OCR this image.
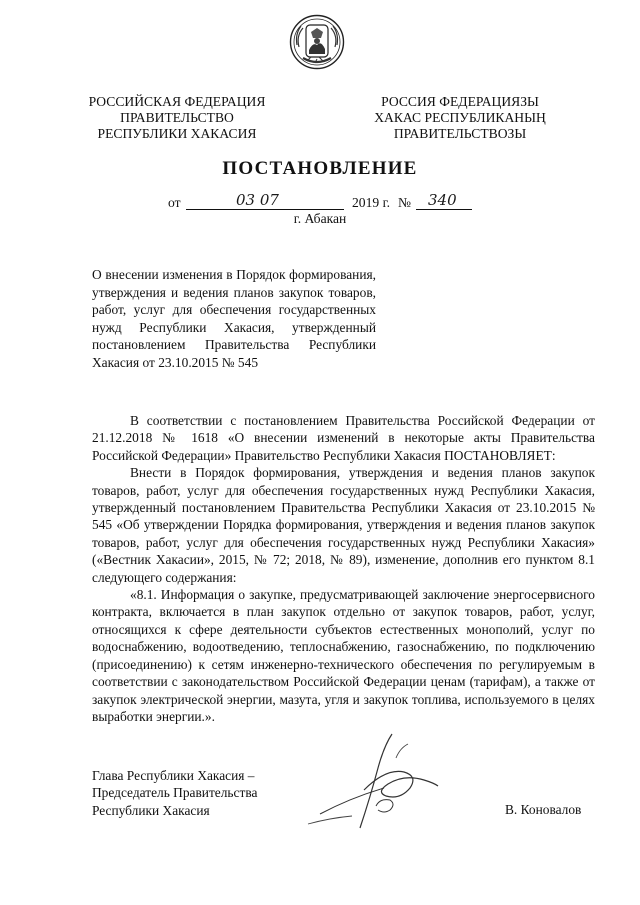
РОССИЙСКАЯ ФЕДЕРАЦИЯ
ПРАВИТЕЛЬСТВО
РЕСПУБЛИКИ ХАКАСИЯ
РОССИЯ ФЕДЕРАЦИЯЗЫ
ХАКАС РЕСПУБЛИКАНЫҢ
ПРАВИТЕЛЬСТВОЗЫ
ПОСТАНОВЛЕНИЕ
от	03 07	2019 г. № 340
г. Абакан
О внесении изменения в Порядок формирования, утверждения и ведения планов закупок товаров, работ, услуг для обеспечения государственных нужд Республики Хакасия, утвержденный постановлением Правительства Республики Хакасия от 23.10.2015 № 545

В соответствии с постановлением Правительства Российской Федерации от 21.12.2018 № 1618 «О внесении изменений в некоторые акты Правительства Российской Федерации» Правительство Республики Хакасия ПОСТАНОВЛЯЕТ:

Внести в Порядок формирования, утверждения и ведения планов закупок товаров, работ, услуг для обеспечения государственных нужд Республики Хакасия, утвержденный постановлением Правительства Республики Хакасия от 23.10.2015 № 545 «Об утверждении Порядка формирования, утверждения и ведения планов закупок товаров, работ, услуг для обеспечения государственных нужд Республики Хакасия» («Вестник Хакасии», 2015, № 72; 2018, № 89), изменение, дополнив его пунктом 8.1 следующего содержания:

«8.1. Информация о закупке, предусматривающей заключение энергосервисного контракта, включается в план закупок отдельно от закупок товаров, работ, услуг, относящихся к сфере деятельности субъектов естественных монополий, услуг по водоснабжению, водоотведению, теплоснабжению, газоснабжению, по подключению (присоединению) к сетям инженерно-технического обеспечения по регулируемым в соответствии с законодательством Российской Федерации ценам (тарифам), а также от закупок электрической энергии, мазута, угля и закупок топлива, используемого в целях выработки энергии.».

Глава Республики Хакасия –
Председатель Правительства
Республики Хакасия	В. Коновалов
